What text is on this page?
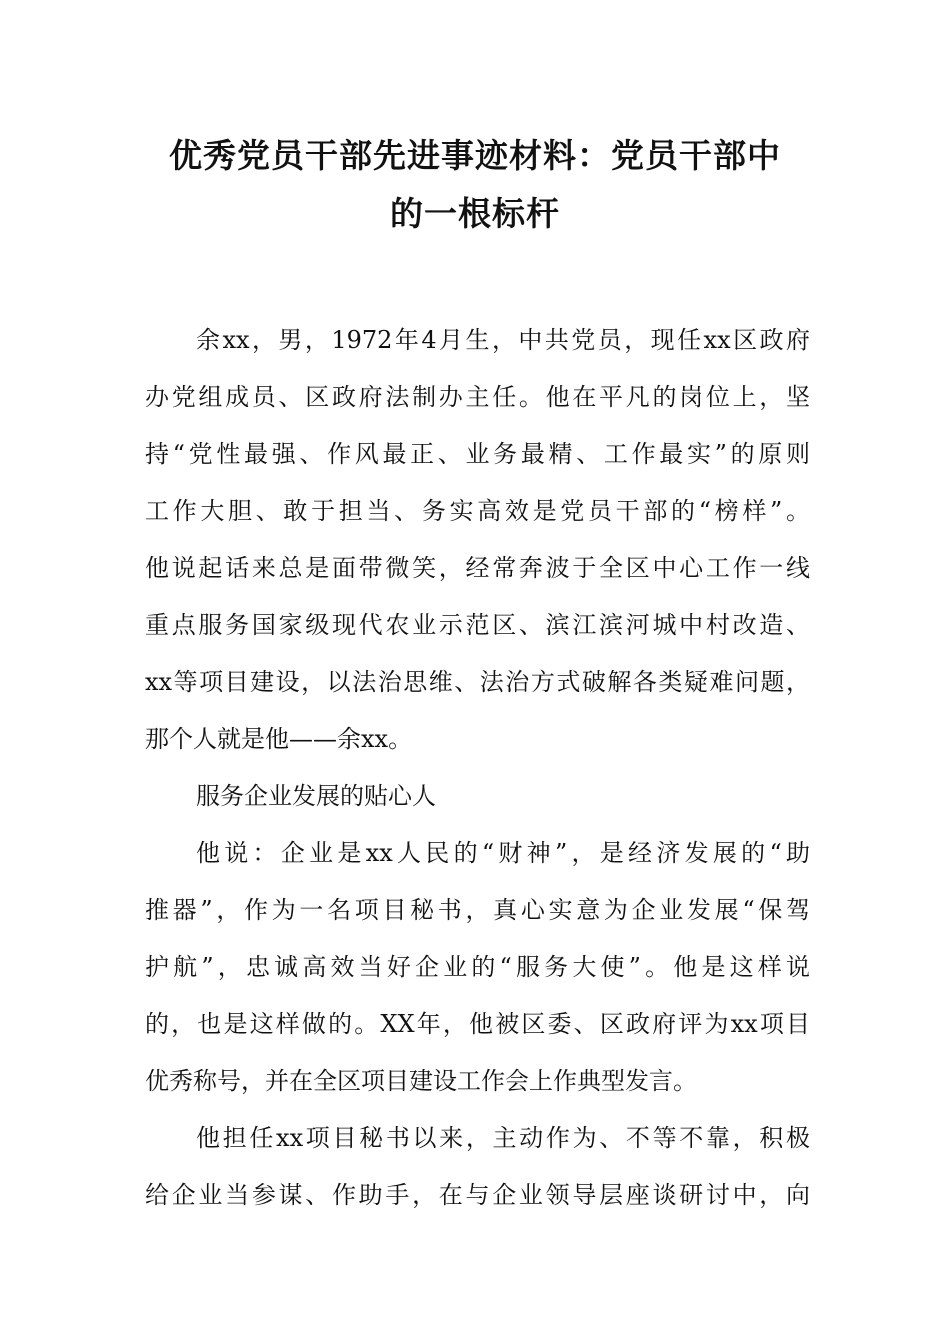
优秀党员干部先进事迹材料：党员干部中
的一根标杆

余xx，男，1972年4月生，中共党员，现任xx区政府

办党组成员、区政府法制办主任。他在平凡的岗位上，坚

持“党性最强、作风最正、业务最精、工作最实”的原则

工作大胆、敢于担当、务实高效是党员干部的“榜样”。

他说起话来总是面带微笑，经常奔波于全区中心工作一线

重点服务国家级现代农业示范区、滨江滨河城中村改造、

xx等项目建设，以法治思维、法治方式破解各类疑难问题，

那个人就是他——余xx。

服务企业发展的贴心人

他说：企业是xx人民的“财神”，是经济发展的“助

推器”，作为一名项目秘书，真心实意为企业发展“保驾

护航”，忠诚高效当好企业的“服务大使”。他是这样说

的，也是这样做的。XX年，他被区委、区政府评为xx项目

优秀称号，并在全区项目建设工作会上作典型发言。

他担任xx项目秘书以来，主动作为、不等不靠，积极

给企业当参谋、作助手，在与企业领导层座谈研讨中，向
